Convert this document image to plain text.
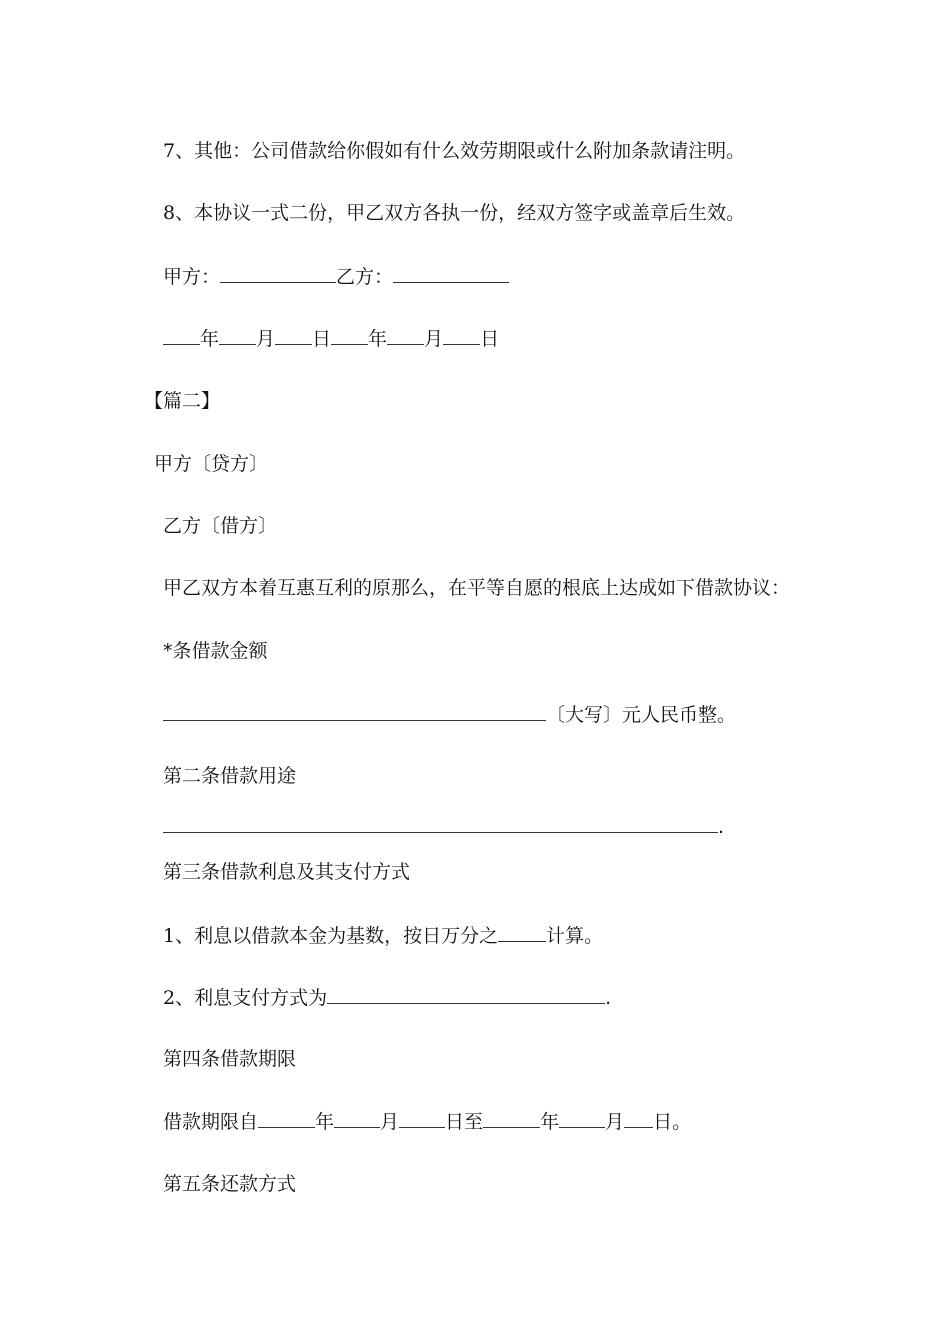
7、其他：公司借款给你假如有什么效劳期限或什么附加条款请注明。
8、本协议一式二份，甲乙双方各执一份，经双方签字或盖章后生效。
甲方：	乙方：
年 月 日 年 月 日
【篇二】
甲方〔贷方〕
乙方〔借方〕
甲乙双方本着互惠互利的原那么，在平等自愿的根底上达成如下借款协议：
*条借款金额
〔大写〕元人民币整。
第二条借款用途
.
第三条借款利息及其支付方式
1、利息以借款本金为基数，按日万分之	计算。
2、利息支付方式为	.
第四条借款期限
借款期限自	年 月 日至	年 月 日。
第五条还款方式
